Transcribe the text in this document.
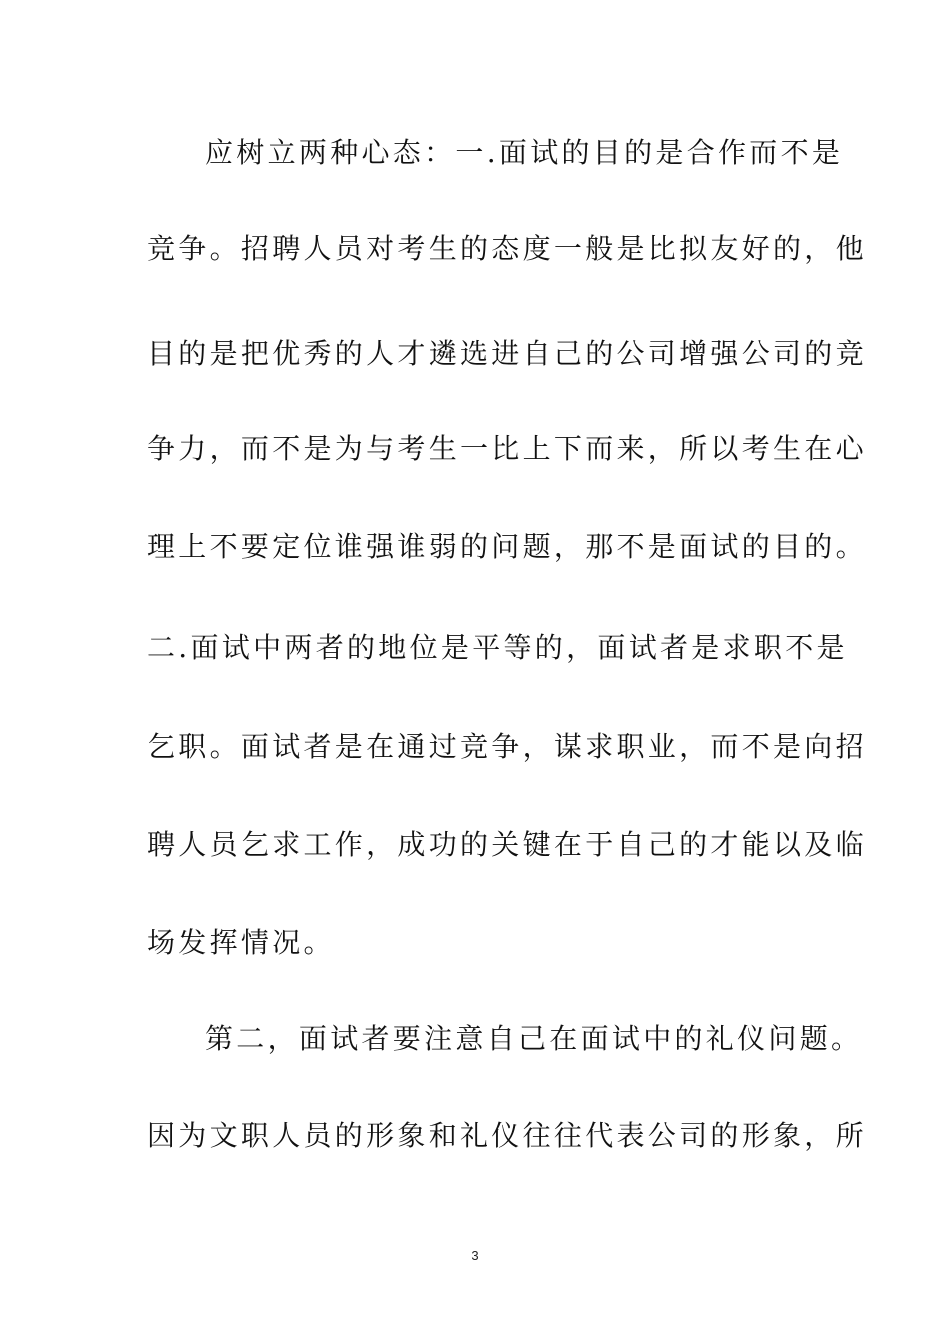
应树立两种心态：一.面试的目的是合作而不是
竞争。招聘人员对考生的态度一般是比拟友好的，他
目的是把优秀的人才遴选进自己的公司增强公司的竞
争力，而不是为与考生一比上下而来，所以考生在心
理上不要定位谁强谁弱的问题，那不是面试的目的。
二.面试中两者的地位是平等的，面试者是求职不是
乞职。面试者是在通过竞争，谋求职业，而不是向招
聘人员乞求工作，成功的关键在于自己的才能以及临
场发挥情况。
第二，面试者要注意自己在面试中的礼仪问题。
因为文职人员的形象和礼仪往往代表公司的形象，所
3
